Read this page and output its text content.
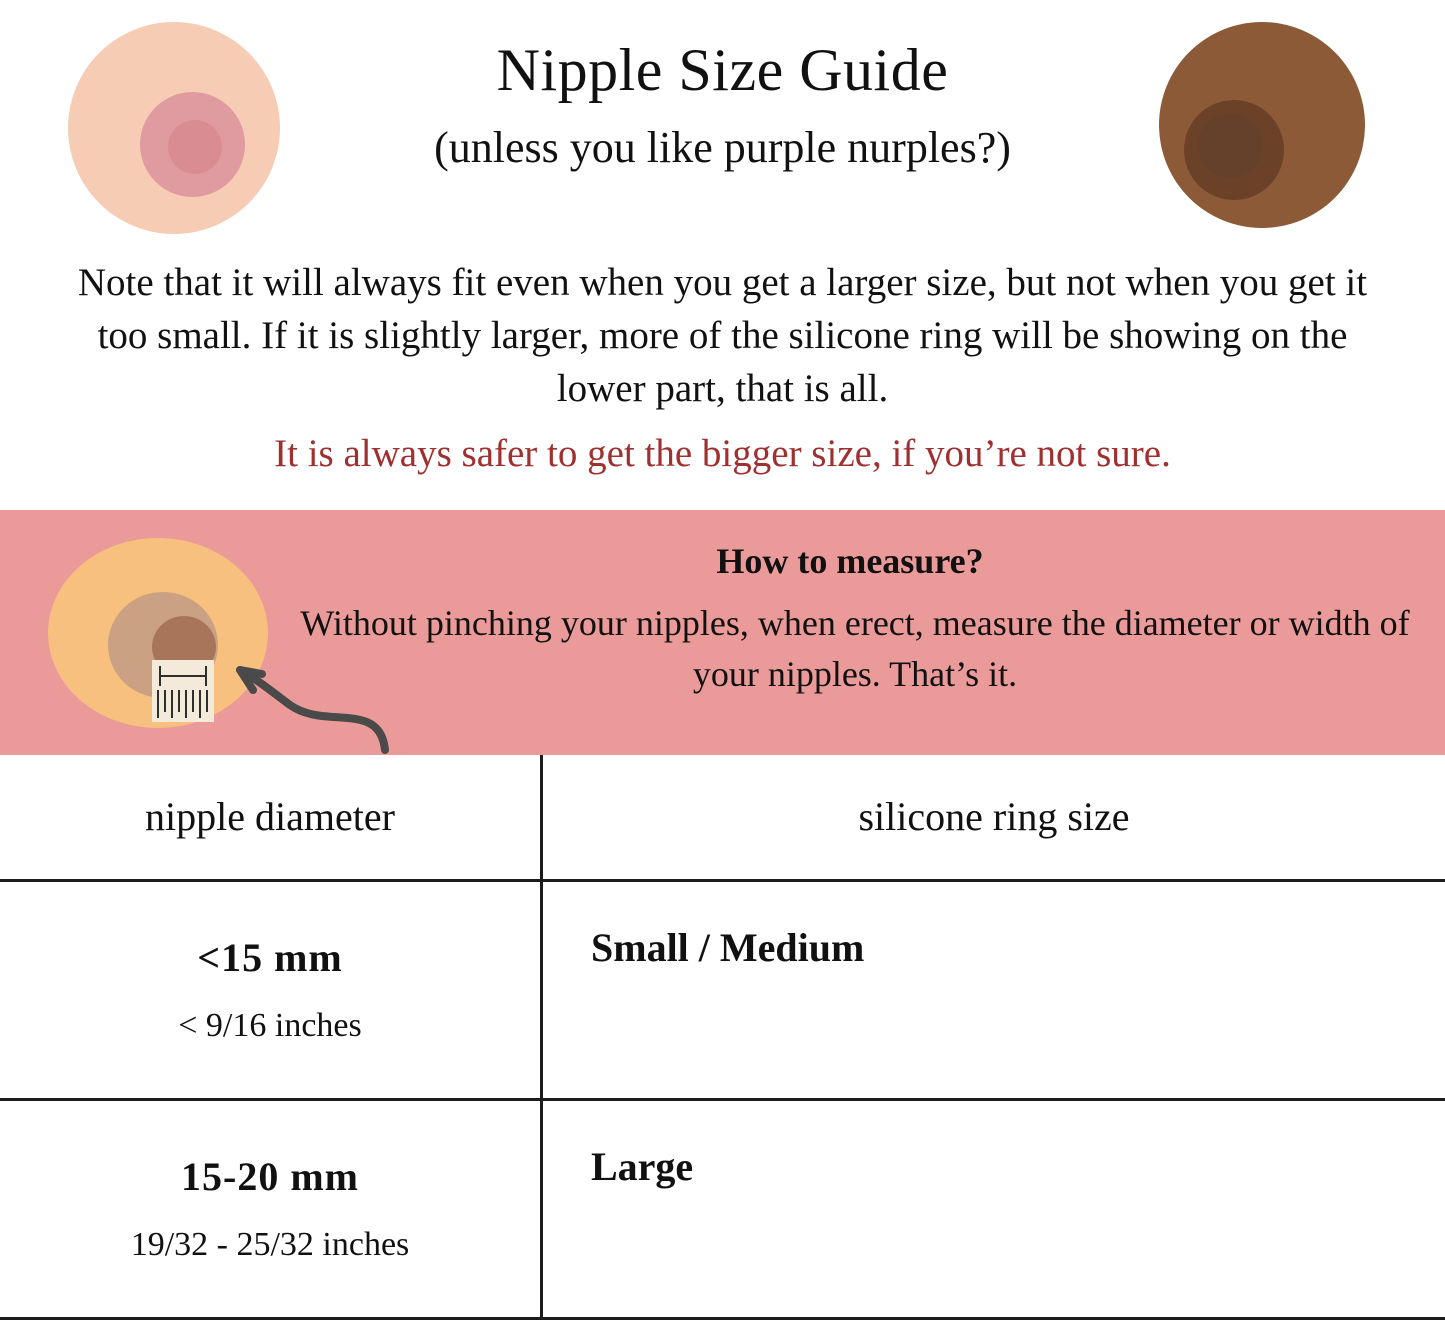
Nipple Size Guide
(unless you like purple nurples?)
Note that it will always fit even when you get a larger size, but not when you get it too small. If it is slightly larger, more of the silicone ring will be showing on the lower part, that is all.
It is always safer to get the bigger size, if you’re not sure.
How to measure?
Without pinching your nipples, when erect, measure the diameter or width of your nipples. That’s it.
nipple diameter	silicone ring size

<15 mm
< 9/16 inches	Small / Medium

15-20 mm
19/32 - 25/32 inches	Large
